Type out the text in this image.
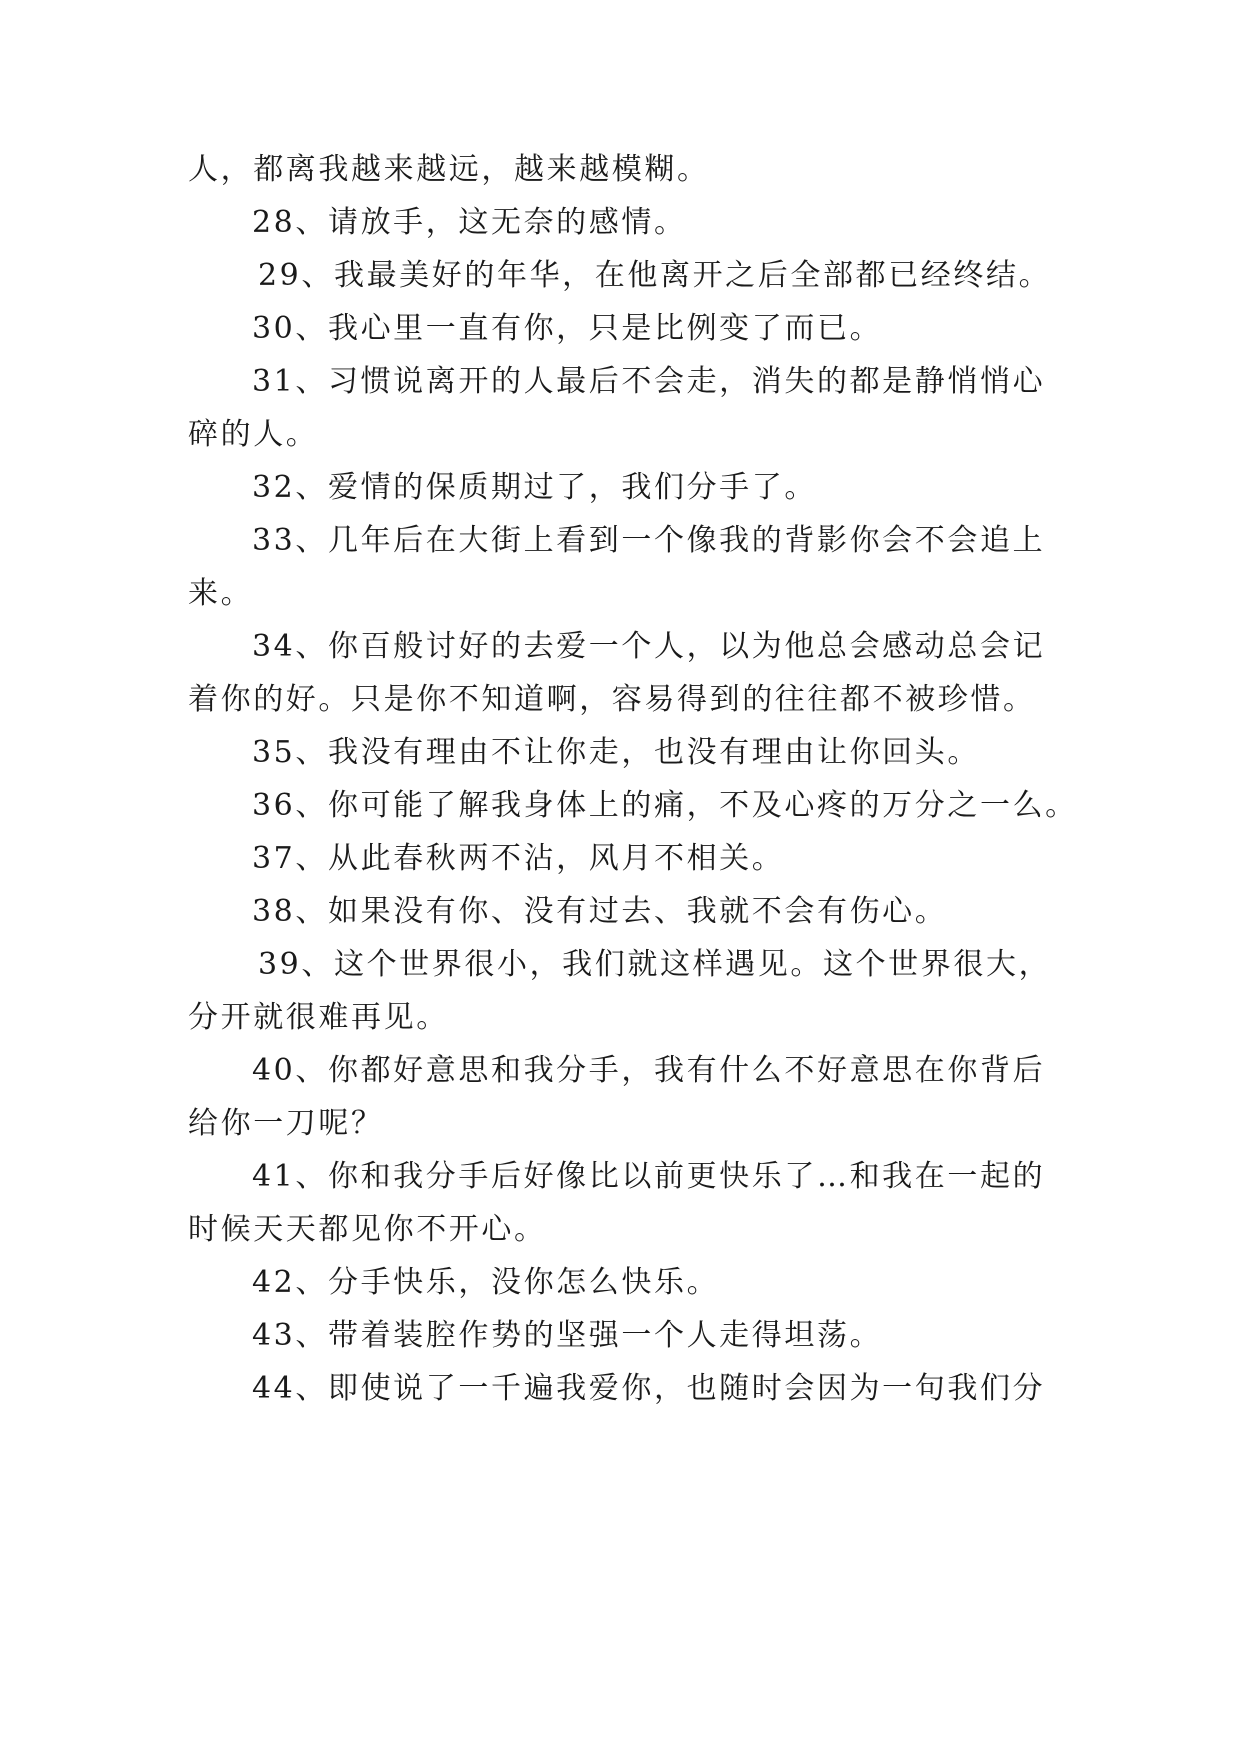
人，都离我越来越远，越来越模糊。
28、请放手，这无奈的感情。
29、我最美好的年华，在他离开之后全部都已经终结。
30、我心里一直有你，只是比例变了而已。
31、习惯说离开的人最后不会走，消失的都是静悄悄心
碎的人。
32、爱情的保质期过了，我们分手了。
33、几年后在大街上看到一个像我的背影你会不会追上
来。
34、你百般讨好的去爱一个人，以为他总会感动总会记
着你的好。只是你不知道啊，容易得到的往往都不被珍惜。
35、我没有理由不让你走，也没有理由让你回头。
36、你可能了解我身体上的痛，不及心疼的万分之一么。
37、从此春秋两不沾，风月不相关。
38、如果没有你、没有过去、我就不会有伤心。
39、这个世界很小，我们就这样遇见。这个世界很大，
分开就很难再见。
40、你都好意思和我分手，我有什么不好意思在你背后
给你一刀呢？
41、你和我分手后好像比以前更快乐了…和我在一起的
时候天天都见你不开心。
42、分手快乐，没你怎么快乐。
43、带着装腔作势的坚强一个人走得坦荡。
44、即使说了一千遍我爱你，也随时会因为一句我们分
